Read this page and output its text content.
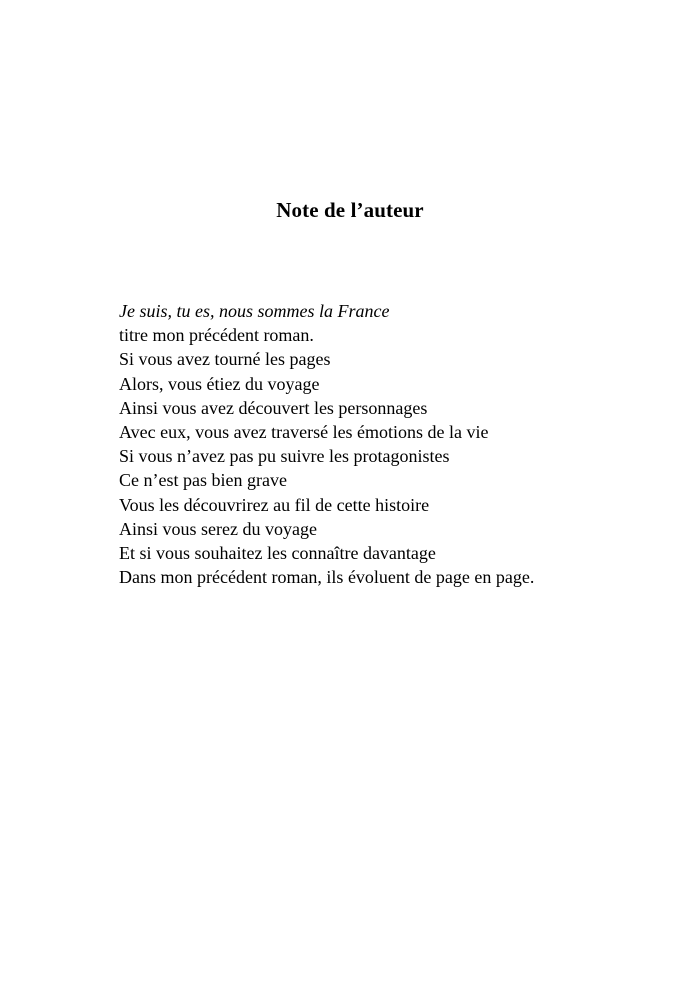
Note de l’auteur
Je suis, tu es, nous sommes la France
titre mon précédent roman.
Si vous avez tourné les pages
Alors, vous étiez du voyage
Ainsi vous avez découvert les personnages
Avec eux, vous avez traversé les émotions de la vie
Si vous n’avez pas pu suivre les protagonistes
Ce n’est pas bien grave
Vous les découvrirez au fil de cette histoire
Ainsi vous serez du voyage
Et si vous souhaitez les connaître davantage
Dans mon précédent roman, ils évoluent de page en page.
